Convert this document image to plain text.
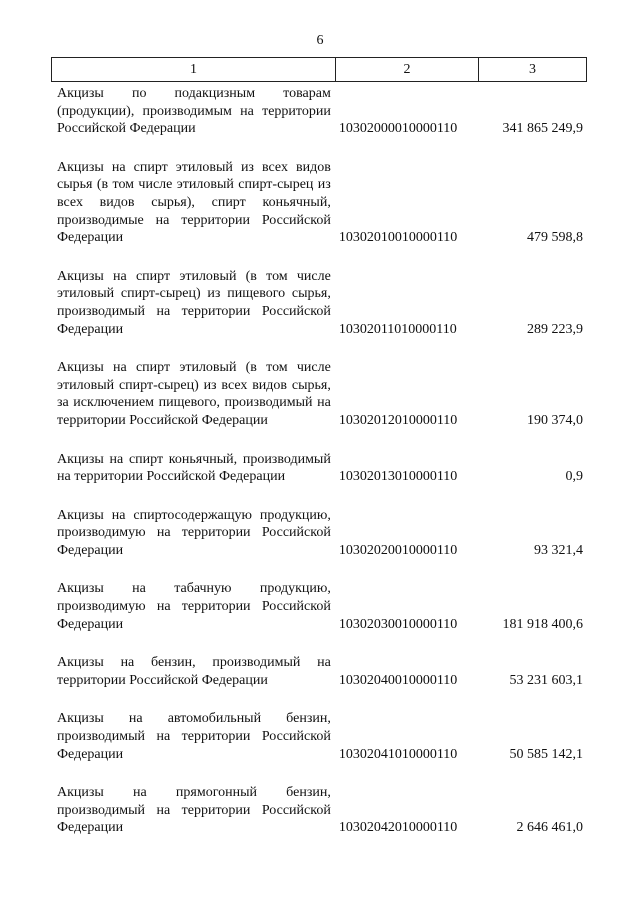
6
1	2	3
Акцизы по подакцизным товарам (продукции), производимым на территории Российской Федерации	10302000010000110	341 865 249,9
Акцизы на спирт этиловый из всех видов сырья (в том числе этиловый спирт-сырец из всех видов сырья), спирт коньячный, производимые на территории Российской Федерации	10302010010000110	479 598,8
Акцизы на спирт этиловый (в том числе этиловый спирт-сырец) из пищевого сырья, производимый на территории Российской Федерации	10302011010000110	289 223,9
Акцизы на спирт этиловый (в том числе этиловый спирт-сырец) из всех видов сырья, за исключением пищевого, производимый на территории Российской Федерации	10302012010000110	190 374,0
Акцизы на спирт коньячный, производимый на территории Российской Федерации	10302013010000110	0,9
Акцизы на спиртосодержащую продукцию, производимую на территории Российской Федерации	10302020010000110	93 321,4
Акцизы на табачную продукцию, производимую на территории Российской Федерации	10302030010000110	181 918 400,6
Акцизы на бензин, производимый на территории Российской Федерации	10302040010000110	53 231 603,1
Акцизы на автомобильный бензин, производимый на территории Российской Федерации	10302041010000110	50 585 142,1
Акцизы на прямогонный бензин, производимый на территории Российской Федерации	10302042010000110	2 646 461,0
